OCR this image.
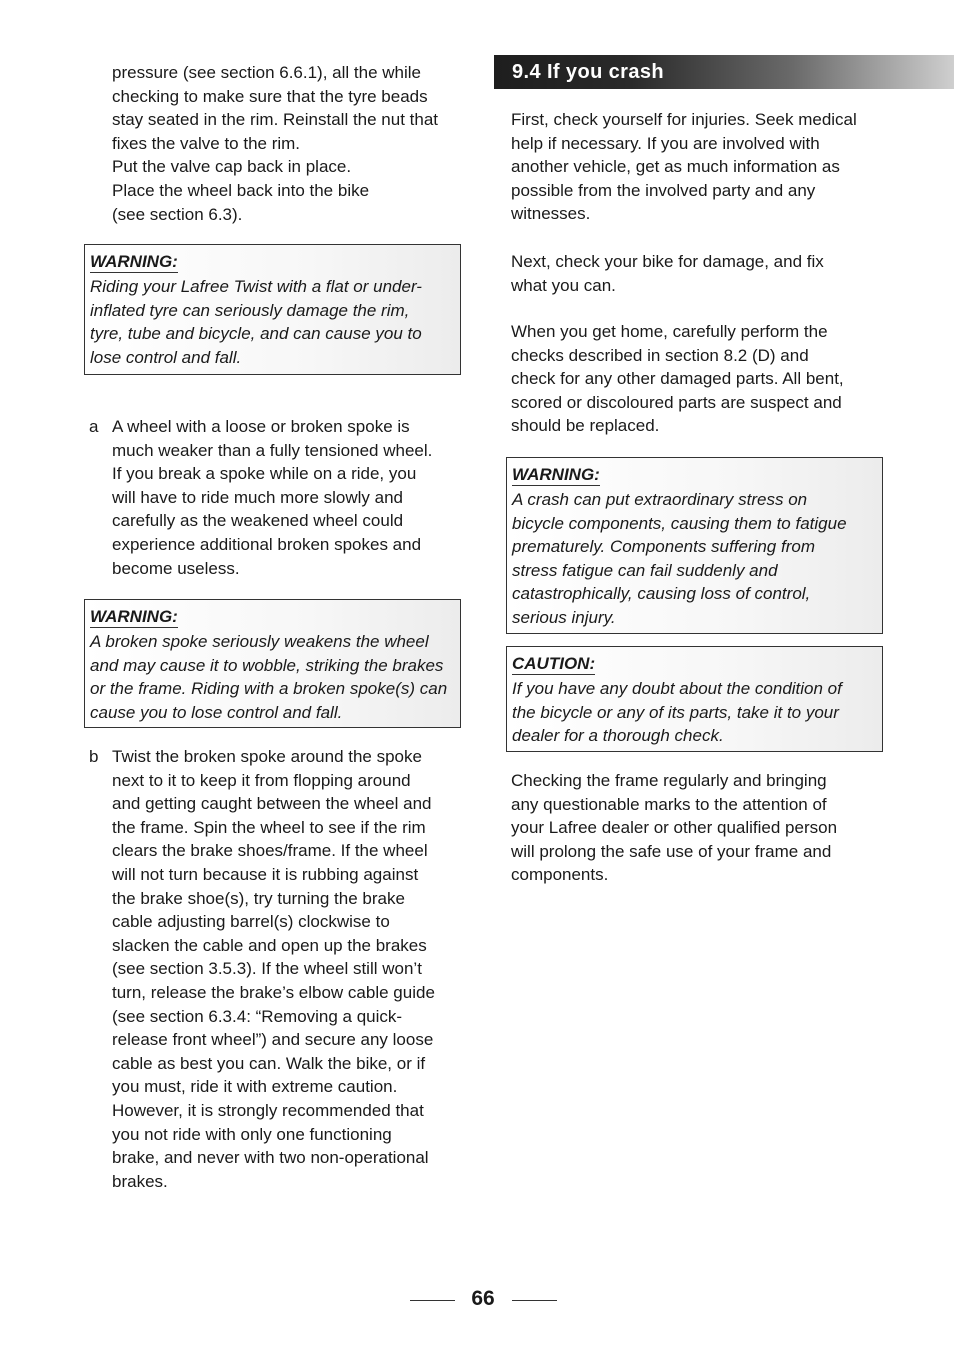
pressure (see section 6.6.1), all the while
checking to make sure that the tyre beads
stay seated in the rim. Reinstall the nut that
fixes the valve to the rim.
Put the valve cap back in place.
Place the wheel back into the bike
(see section 6.3).
WARNING:
Riding your Lafree Twist with a flat or under-
inflated tyre can seriously damage the rim,
tyre, tube and bicycle, and can cause you to
lose control and fall.
a A wheel with a loose or broken spoke is
much weaker than a fully tensioned wheel.
If you break a spoke while on a ride, you
will have to ride much more slowly and
carefully as the weakened wheel could
experience additional broken spokes and
become useless.
WARNING:
A broken spoke seriously weakens the wheel
and may cause it to wobble, striking the brakes
or the frame. Riding with a broken spoke(s) can
cause you to lose control and fall.
b Twist the broken spoke around the spoke
next to it to keep it from flopping around
and getting caught between the wheel and
the frame. Spin the wheel to see if the rim
clears the brake shoes/frame. If the wheel
will not turn because it is rubbing against
the brake shoe(s), try turning the brake
cable adjusting barrel(s) clockwise to
slacken the cable and open up the brakes
(see section 3.5.3). If the wheel still won’t
turn, release the brake’s elbow cable guide
(see section 6.3.4: “Removing a quick-
release front wheel”) and secure any loose
cable as best you can. Walk the bike, or if
you must, ride it with extreme caution.
However, it is strongly recommended that
you not ride with only one functioning
brake, and never with two non-operational
brakes.
9.4 If you crash
First, check yourself for injuries. Seek medical
help if necessary. If you are involved with
another vehicle, get as much information as
possible from the involved party and any
witnesses.
Next, check your bike for damage, and fix
what you can.
When you get home, carefully perform the
checks described in section 8.2 (D) and
check for any other damaged parts. All bent,
scored or discoloured parts are suspect and
should be replaced.
WARNING:
A crash can put extraordinary stress on
bicycle components, causing them to fatigue
prematurely. Components suffering from
stress fatigue can fail suddenly and
catastrophically, causing loss of control,
serious injury.
CAUTION:
If you have any doubt about the condition of
the bicycle or any of its parts, take it to your
dealer for a thorough check.
Checking the frame regularly and bringing
any questionable marks to the attention of
your Lafree dealer or other qualified person
will prolong the safe use of your frame and
components.
66
